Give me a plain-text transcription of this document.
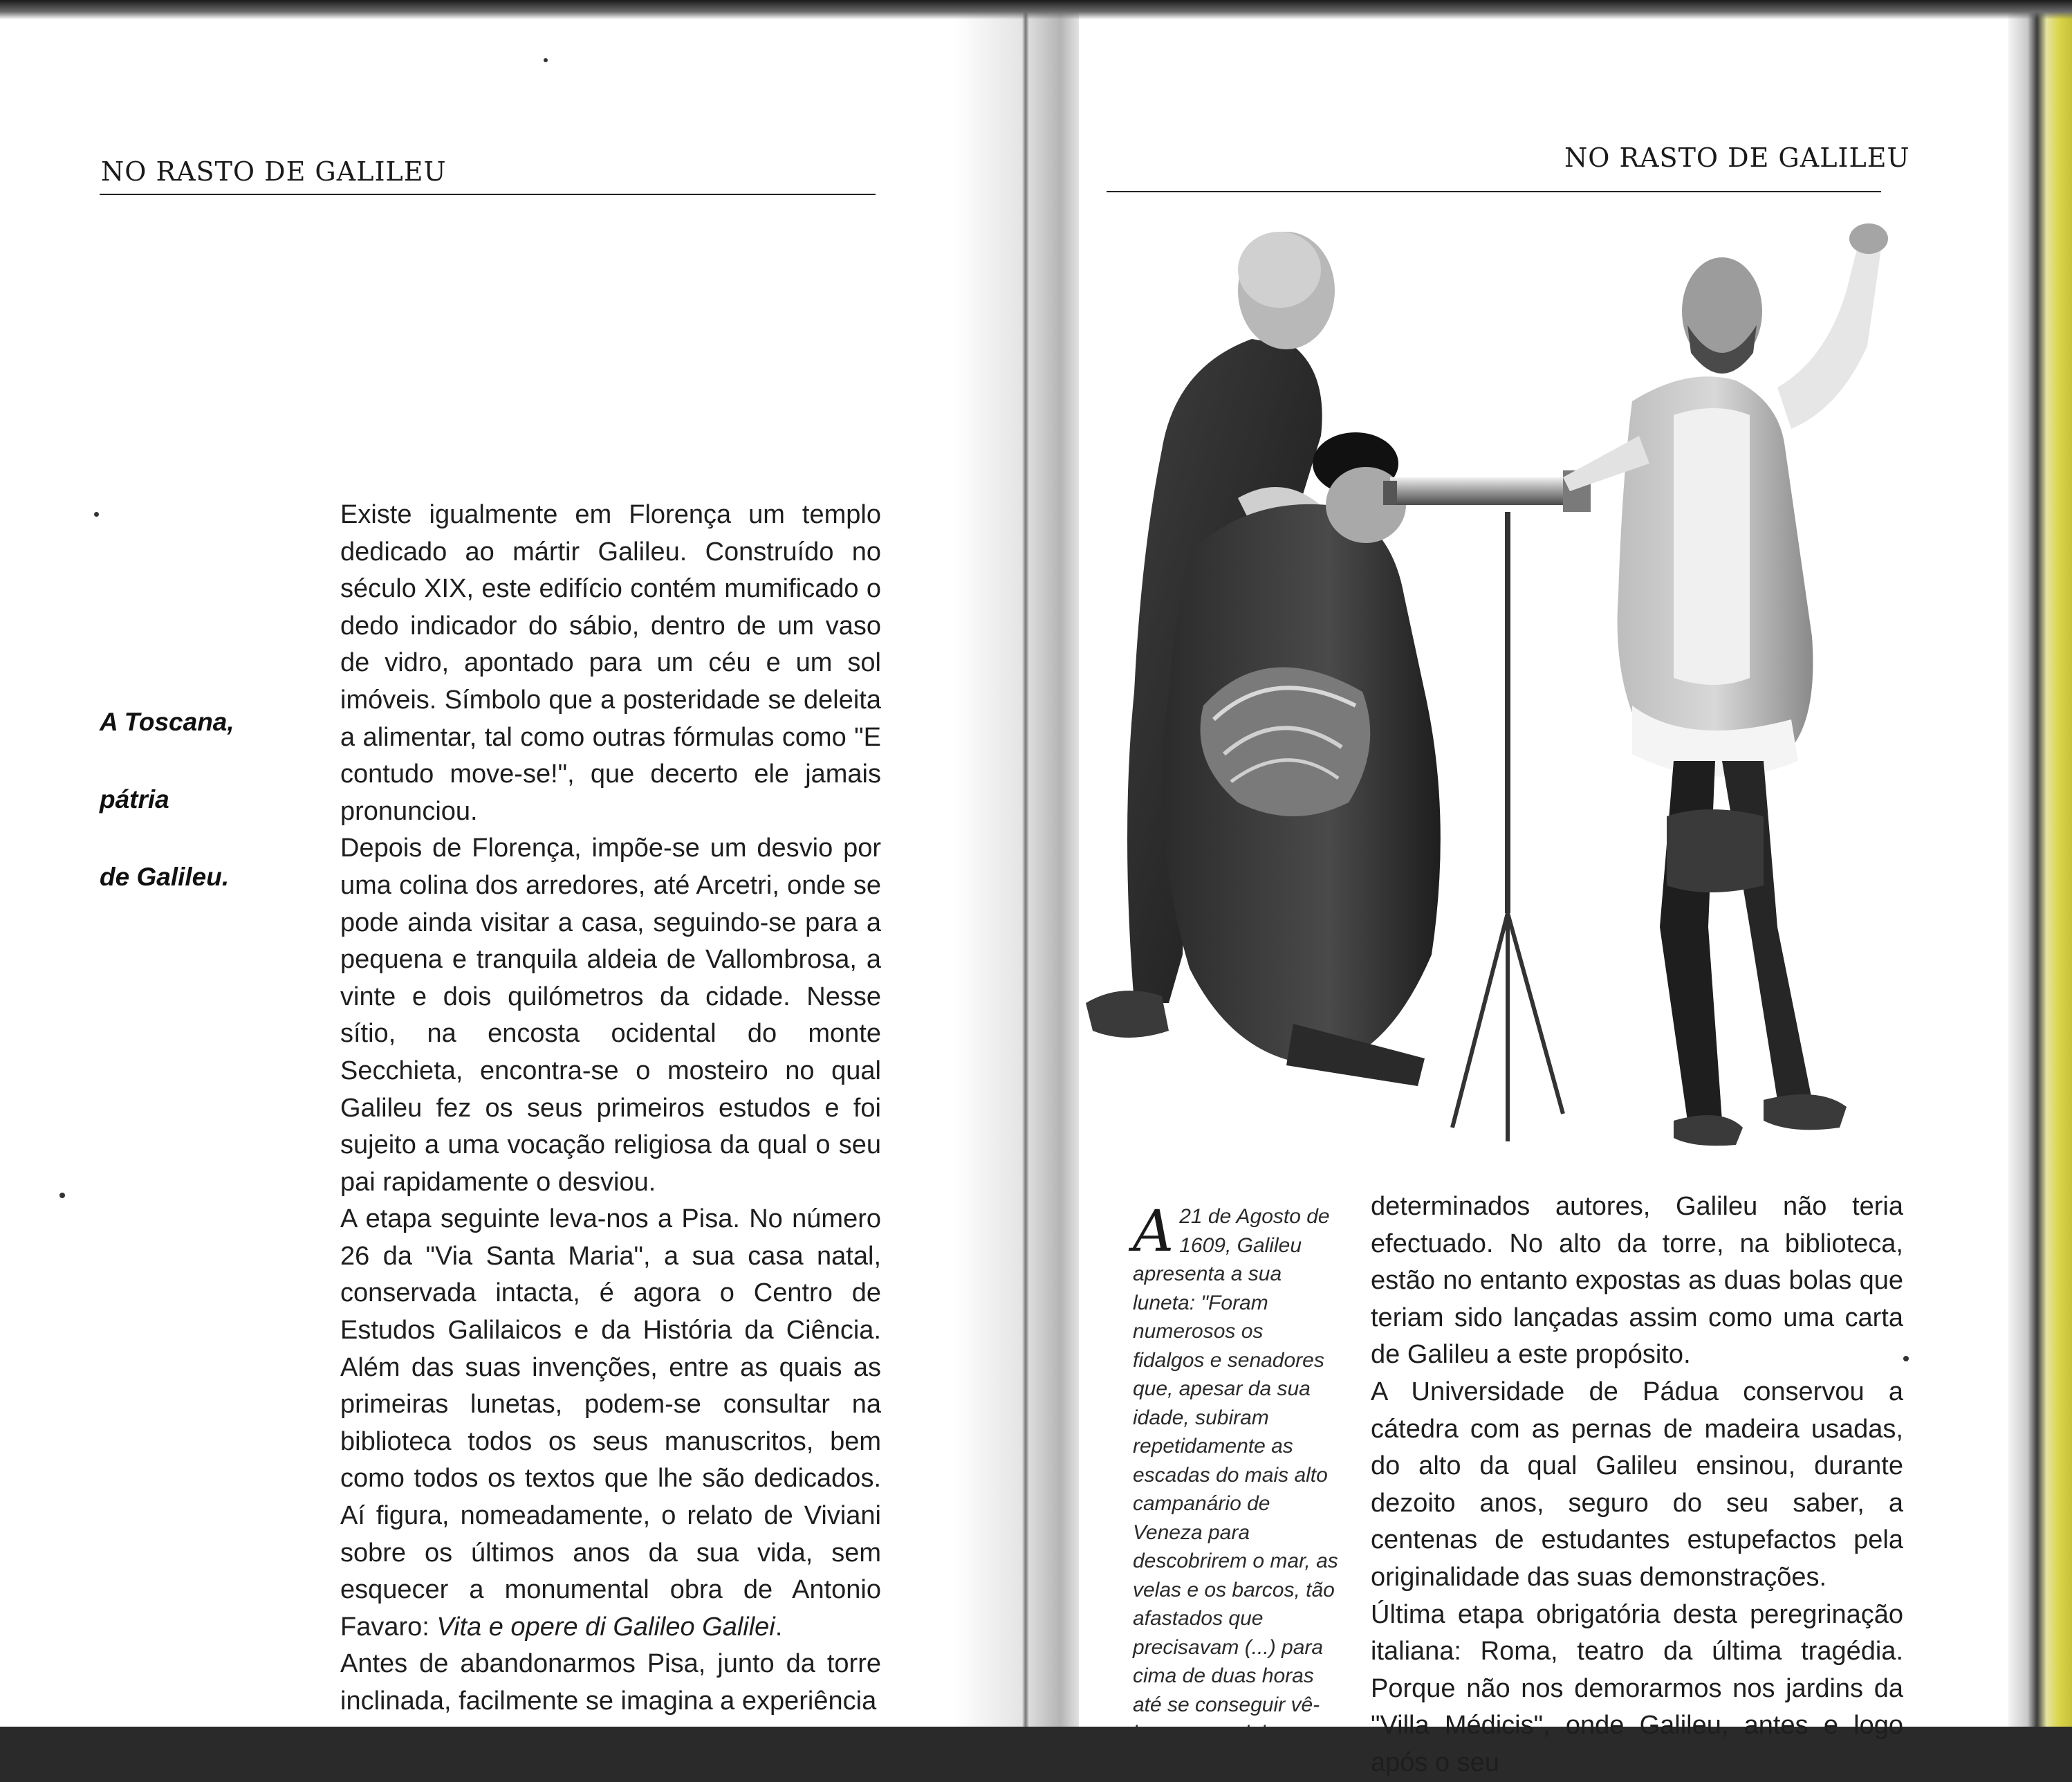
NO RASTO DE GALILEU
A Toscana,
pátria
de Galileu.

Existe igualmente em Florença um templo dedicado ao mártir Galileu. Construído no século XIX, este edifício contém mumificado o dedo indicador do sábio, dentro de um vaso de vidro, apontado para um céu e um sol imóveis. Símbolo que a posteridade se deleita a alimentar, tal como outras fórmulas como "E contudo move-se!", que decerto ele jamais pronunciou.

Depois de Florença, impõe-se um desvio por uma colina dos arredores, até Arcetri, onde se pode ainda visitar a casa, seguindo-se para a pequena e tranquila aldeia de Vallombrosa, a vinte e dois quilómetros da cidade. Nesse sítio, na encosta ocidental do monte Secchieta, encontra-se o mosteiro no qual Galileu fez os seus primeiros estudos e foi sujeito a uma vocação religiosa da qual o seu pai rapidamente o desviou.

A etapa seguinte leva-nos a Pisa. No número 26 da "Via Santa Maria", a sua casa natal, conservada intacta, é agora o Centro de Estudos Galilaicos e da História da Ciência. Além das suas invenções, entre as quais as primeiras lunetas, podem-se consultar na biblioteca todos os seus manuscritos, bem como todos os textos que lhe são dedicados. Aí figura, nomeadamente, o relato de Viviani sobre os últimos anos da sua vida, sem esquecer a monumental obra de Antonio Favaro: Vita e opere di Galileo Galilei.

Antes de abandonarmos Pisa, junto da torre inclinada, facilmente se imagina a experiência

NO RASTO DE GALILEU

A 21 de Agosto de 1609, Galileu apresenta a sua luneta: "Foram numerosos os fidalgos e senadores que, apesar da sua idade, subiram repetidamente as escadas do mais alto campanário de Veneza para descobrirem o mar, as velas e os barcos, tão afastados que precisavam (...) para cima de duas horas até se conseguir vê-los sem a minha luneta".

determinados autores, Galileu não teria efectuado. No alto da torre, na biblioteca, estão no entanto expostas as duas bolas que teriam sido lançadas assim como uma carta de Galileu a este propósito.

A Universidade de Pádua conservou a cátedra com as pernas de madeira usadas, do alto da qual Galileu ensinou, durante dezoito anos, seguro do seu saber, a centenas de estudantes estupefactos pela originalidade das suas demonstrações.

Última etapa obrigatória desta peregrinação italiana: Roma, teatro da última tragédia. Porque não nos demorarmos nos jardins da "Villa Médicis", onde Galileu, antes e logo após o seu
